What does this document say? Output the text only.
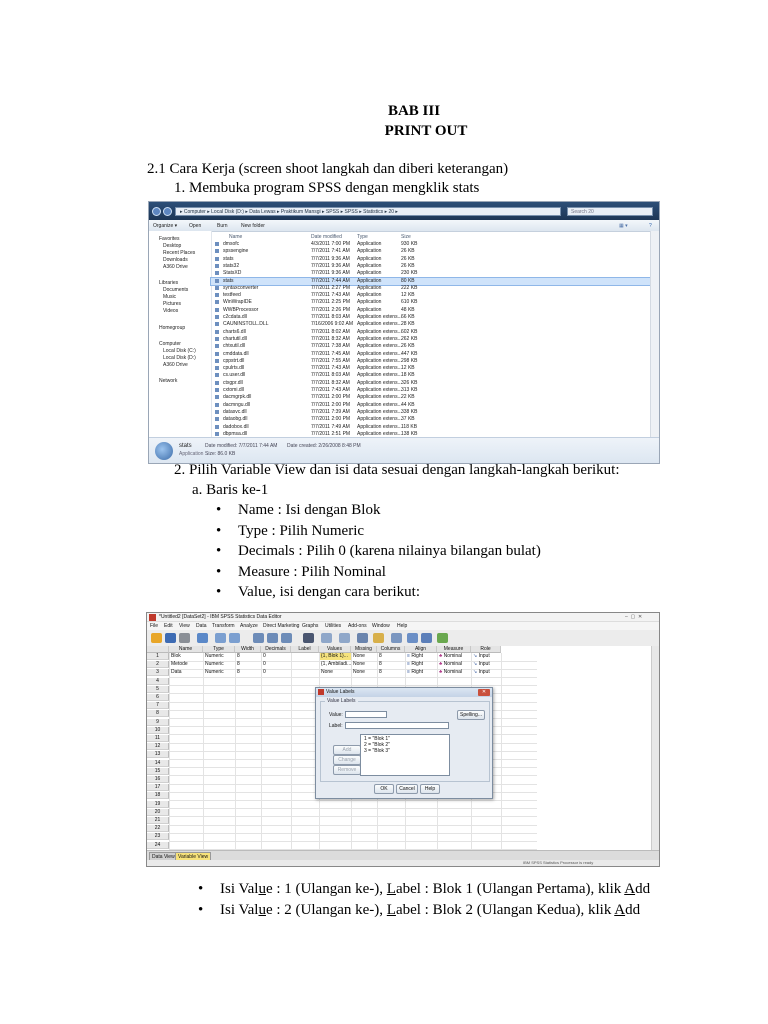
BAB III
PRINT OUT
2.1 Cara Kerja (screen shoot langkah dan diberi keterangan)
1. Membuka program SPSS dengan mengklik stats
▸ Computer ▸ Local Disk (D:) ▸ Data Lewas ▸ Praktikum Mansgi ▸ SPSS ▸ SPSS ▸ Statistics ▸ 20 ▸	Search 20
Organize ▾ Open	Burn	New folder	▦ ▾	?
Favorites
Desktop
Recent Places
Downloads
A360 Drive
Libraries
Documents
Music
Pictures
Videos
Homegroup
Computer
Local Disk (C:)
Local Disk (D:)
A360 Drive
Network
Name	Date modified	Type	Size
dmsofc	4/3/2011 7:00 PM Application	930 KB
spssengine	7/7/2011 7:41 AM Application	26 KB
stats	7/7/2011 9:36 AM Application	26 KB
stats32	7/7/2011 9:36 AM Application	26 KB
StatsXD	7/7/2011 9:36 AM Application	230 KB
stats	7/7/2011 7:44 AM Application	80 KB
syntaxconverter	7/7/2011 2:27 PM Application	222 KB
testfeed	7/7/2011 7:43 AM Application	12 KB
WinWrapIDE	7/7/2011 2:25 PM Application	610 KB
WWBProcessor	7/7/2011 2:26 PM Application	48 KB
c2cdata.dll	7/7/2011 8:03 AM Application extens... 66 KB
CAUNINSTOLL.DLL	7/16/2006 9:02 AM Application extens... 28 KB
charts6.dll	7/7/2011 8:02 AM Application extens... 602 KB
chartutil.dll	7/7/2011 8:32 AM Application extens... 262 KB
chtxutil.dll	7/7/2011 7:38 AM Application extens... 26 KB
cmddata.dll	7/7/2011 7:45 AM Application extens... 447 KB
cppstrt.dll	7/7/2011 7:55 AM Application extens... 298 KB
cpulrts.dll	7/7/2011 7:43 AM Application extens... 12 KB
cs.user.dll	7/7/2011 8:03 AM Application extens... 18 KB
ctxgpr.dll	7/7/2011 8:32 AM Application extens... 326 KB
cxtomi.dll	7/7/2011 7:43 AM Application extens... 313 KB
dacmgrpk.dll	7/7/2011 2:00 PM Application extens... 22 KB
dacmngu.dll	7/7/2011 2:00 PM Application extens... 44 KB
datasvc.dll	7/7/2011 7:39 AM Application extens... 338 KB
dataobg.dll	7/7/2011 2:00 PM Application extens... 37 KB
dadobox.dll	7/7/2011 7:49 AM Application extens... 118 KB
dbpmsa.dll	7/7/2011 2:51 PM Application extens... 138 KB
stats
Application
Date modified: 7/7/2011 7:44 AM
Size: 86.0 KB
Date created: 2/26/2008 8:48 PM
2. Pilih Variable View dan isi data sesuai dengan langkah-langkah berikut:
a. Baris ke-1
• Name : Isi dengan Blok
• Type : Pilih Numeric
• Decimals : Pilih 0 (karena nilainya bilangan bulat)
• Measure : Pilih Nominal
• Value, isi dengan cara berikut:
*Untitled2 [DataSet2] - IBM SPSS Statistics Data Editor	–  ▢  ✕
File Edit View Data Transform Analyze Direct Marketing Graphs Utilities Add-ons Window Help
Name	Type	Width	Decimals	Label	Values	Missing	Columns	Align	Measure	Role
1	Blok	Numeric	8	0	{1, Blok 1}...	None	8	≡ Right	♣ Nominal	↘ Input
2	Metode	Numeric	8	0	{1, Ambiladi... None	8	≡ Right	♣ Nominal	↘ Input
3	Data	Numeric	8	0	None	None	8	≡ Right	♣ Nominal	↘ Input
4
5
6
7
8
9
10
11
12
13
14
15
16
17
18
19
20
21
22
23
24
Value Labels	✕
Value Labels
Value:
Label:
Spelling...
Add
Change
Remove
1 = "Blok 1"
2 = "Blok 2"
3 = "Blok 3"
OK	Cancel	Help
Data View Variable View
IBM SPSS Statistics Processor is ready
• Isi Value : 1 (Ulangan ke-), Label : Blok 1 (Ulangan Pertama), klik Add
• Isi Value : 2 (Ulangan ke-), Label : Blok 2 (Ulangan Kedua), klik Add
